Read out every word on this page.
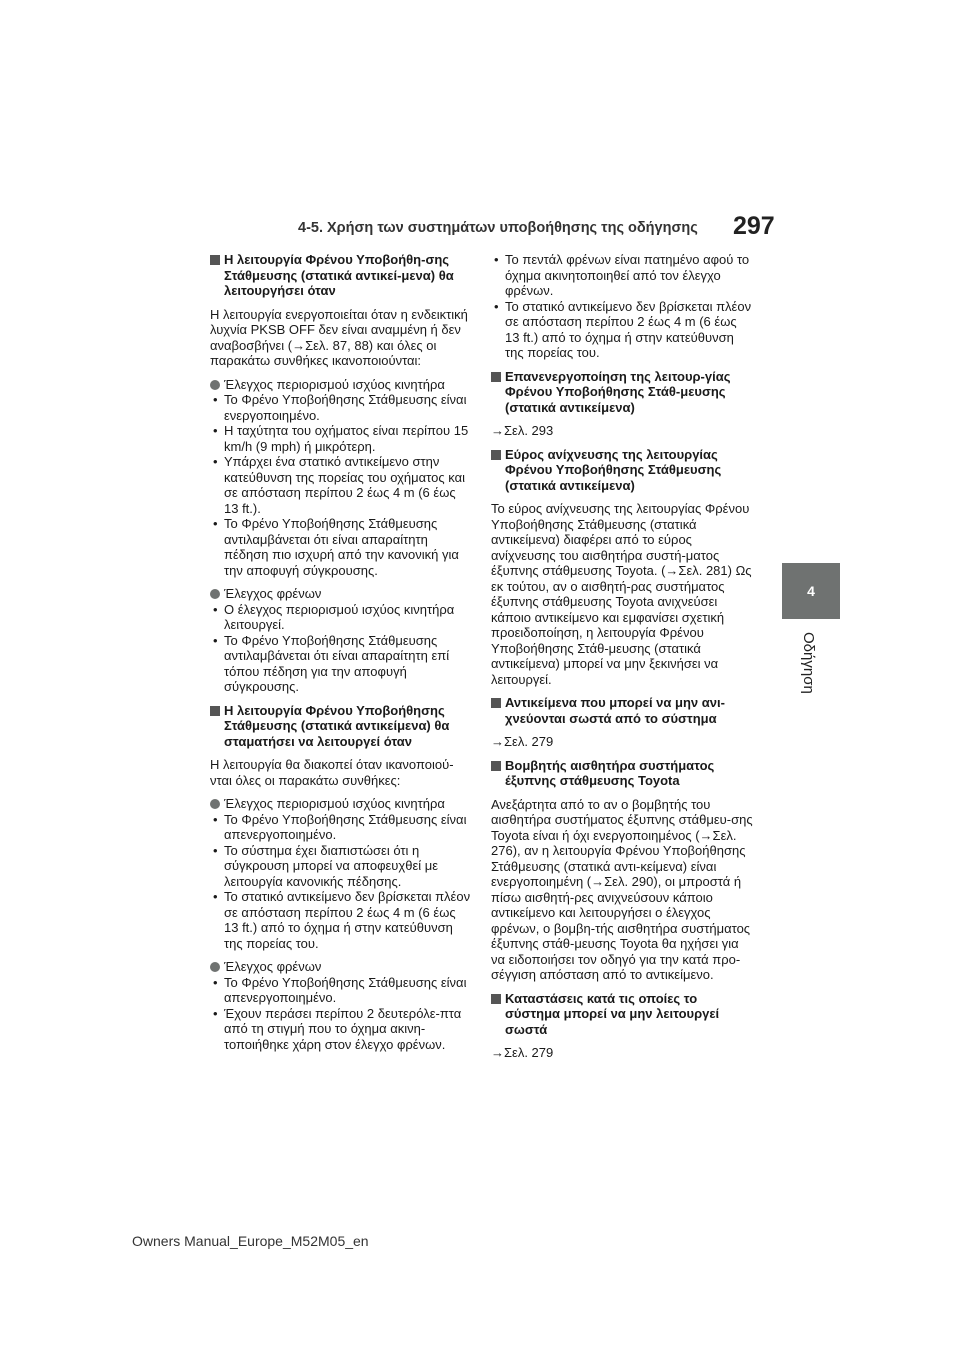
4-5. Χρήση των συστημάτων υποβοήθησης της οδήγησης 297
4
Οδήγηση
Η λειτουργία Φρένου Υποβοήθη-σης Στάθμευσης (στατικά αντικεί-μενα) θα λειτουργήσει όταν
Η λειτουργία ενεργοποιείται όταν η ενδεικτική λυχνία PKSB OFF δεν είναι αναμμένη ή δεν αναβοσβήνει (→Σελ. 87, 88) και όλες οι παρακάτω συνθήκες ικανοποιούνται:
Έλεγχος περιορισμού ισχύος κινητήρα
• Το Φρένο Υποβοήθησης Στάθμευσης είναι ενεργοποιημένο.
• Η ταχύτητα του οχήματος είναι περίπου 15 km/h (9 mph) ή μικρότερη.
• Υπάρχει ένα στατικό αντικείμενο στην κατεύθυνση της πορείας του οχήματος και σε απόσταση περίπου 2 έως 4 m (6 έως 13 ft.).
• Το Φρένο Υποβοήθησης Στάθμευσης αντιλαμβάνεται ότι είναι απαραίτητη πέδηση πιο ισχυρή από την κανονική για την αποφυγή σύγκρουσης.
Έλεγχος φρένων
• Ο έλεγχος περιορισμού ισχύος κινητήρα λειτουργεί.
• Το Φρένο Υποβοήθησης Στάθμευσης αντιλαμβάνεται ότι είναι απαραίτητη επί τόπου πέδηση για την αποφυγή σύγκρουσης.
Η λειτουργία Φρένου Υποβοήθησης Στάθμευσης (στατικά αντικείμενα) θα σταματήσει να λειτουργεί όταν
Η λειτουργία θα διακοπεί όταν ικανοποιού-νται όλες οι παρακάτω συνθήκες:
Έλεγχος περιορισμού ισχύος κινητήρα
• Το Φρένο Υποβοήθησης Στάθμευσης είναι απενεργοποιημένο.
• Το σύστημα έχει διαπιστώσει ότι η σύγκρουση μπορεί να αποφευχθεί με λειτουργία κανονικής πέδησης.
• Το στατικό αντικείμενο δεν βρίσκεται πλέον σε απόσταση περίπου 2 έως 4 m (6 έως 13 ft.) από το όχημα ή στην κατεύθυνση της πορείας του.
Έλεγχος φρένων
• Το Φρένο Υποβοήθησης Στάθμευσης είναι απενεργοποιημένο.
• Έχουν περάσει περίπου 2 δευτερόλε-πτα από τη στιγμή που το όχημα ακινη-τοποιήθηκε χάρη στον έλεγχο φρένων.
• Το πεντάλ φρένων είναι πατημένο αφού το όχημα ακινητοποιηθεί από τον έλεγχο φρένων.
• Το στατικό αντικείμενο δεν βρίσκεται πλέον σε απόσταση περίπου 2 έως 4 m (6 έως 13 ft.) από το όχημα ή στην κατεύθυνση της πορείας του.
Επανενεργοποίηση της λειτουρ-γίας Φρένου Υποβοήθησης Στάθ-μευσης (στατικά αντικείμενα)
→Σελ. 293
Εύρος ανίχνευσης της λειτουργίας Φρένου Υποβοήθησης Στάθμευσης (στατικά αντικείμενα)
Το εύρος ανίχνευσης της λειτουργίας Φρένου Υποβοήθησης Στάθμευσης (στατικά αντικείμενα) διαφέρει από το εύρος ανίχνευσης του αισθητήρα συστή-ματος έξυπνης στάθμευσης Toyota. (→Σελ. 281) Ως εκ τούτου, αν ο αισθητή-ρας συστήματος έξυπνης στάθμευσης Toyota ανιχνεύσει κάποιο αντικείμενο και εμφανίσει σχετική προειδοποίηση, η λειτουργία Φρένου Υποβοήθησης Στάθ-μευσης (στατικά αντικείμενα) μπορεί να μην ξεκινήσει να λειτουργεί.
Αντικείμενα που μπορεί να μην ανι-χνεύονται σωστά από το σύστημα
→Σελ. 279
Βομβητής αισθητήρα συστήματος έξυπνης στάθμευσης Toyota
Ανεξάρτητα από το αν ο βομβητής του αισθητήρα συστήματος έξυπνης στάθμευ-σης Toyota είναι ή όχι ενεργοποιημένος (→Σελ. 276), αν η λειτουργία Φρένου Υποβοήθησης Στάθμευσης (στατικά αντι-κείμενα) είναι ενεργοποιημένη (→Σελ. 290), οι μπροστά ή πίσω αισθητή-ρες ανιχνεύσουν κάποιο αντικείμενο και λειτουργήσει ο έλεγχος φρένων, ο βομβη-τής αισθητήρα συστήματος έξυπνης στάθ-μευσης Toyota θα ηχήσει για να ειδοποιήσει τον οδηγό για την κατά προ-σέγγιση απόσταση από το αντικείμενο.
Καταστάσεις κατά τις οποίες το σύστημα μπορεί να μην λειτουργεί σωστά
→Σελ. 279
Owners Manual_Europe_M52M05_en
